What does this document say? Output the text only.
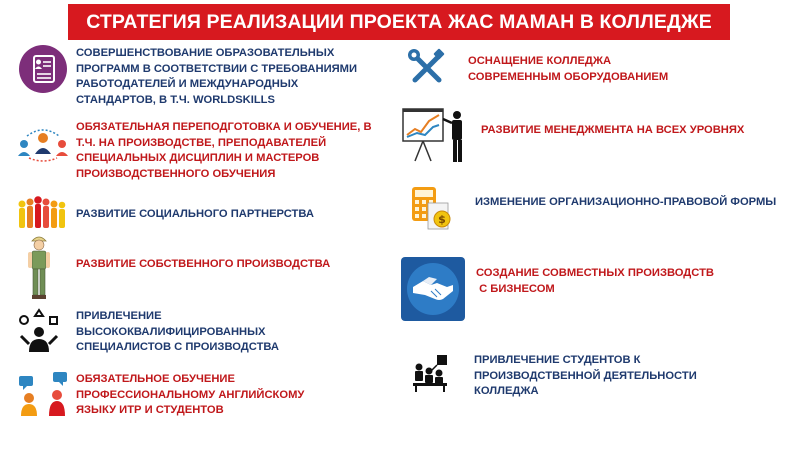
СТРАТЕГИЯ РЕАЛИЗАЦИИ ПРОЕКТА ЖАС МАМАН В КОЛЛЕДЖЕ
СОВЕРШЕНСТВОВАНИЕ ОБРАЗОВАТЕЛЬНЫХ
ПРОГРАММ В СООТВЕТСТВИИ С ТРЕБОВАНИЯМИ
РАБОТОДАТЕЛЕЙ И МЕЖДУНАРОДНЫХ
СТАНДАРТОВ, В Т.Ч. WORLDSKILLS
ОБЯЗАТЕЛЬНАЯ ПЕРЕПОДГОТОВКА И ОБУЧЕНИЕ, В
Т.Ч. НА ПРОИЗВОДСТВЕ, ПРЕПОДАВАТЕЛЕЙ
СПЕЦИАЛЬНЫХ ДИСЦИПЛИН И МАСТЕРОВ
ПРОИЗВОДСТВЕННОГО ОБУЧЕНИЯ
РАЗВИТИЕ СОЦИАЛЬНОГО ПАРТНЕРСТВА
РАЗВИТИЕ СОБСТВЕННОГО ПРОИЗВОДСТВА
ПРИВЛЕЧЕНИЕ
ВЫСОКОКВАЛИФИЦИРОВАННЫХ
СПЕЦИАЛИСТОВ С ПРОИЗВОДСТВА
ОБЯЗАТЕЛЬНОЕ ОБУЧЕНИЕ
ПРОФЕССИОНАЛЬНОМУ АНГЛИЙСКОМУ
ЯЗЫКУ ИТР И СТУДЕНТОВ
ОСНАЩЕНИЕ КОЛЛЕДЖА
СОВРЕМЕННЫМ ОБОРУДОВАНИЕМ
РАЗВИТИЕ МЕНЕДЖМЕНТА НА ВСЕХ УРОВНЯХ
$
ИЗМЕНЕНИЕ ОРГАНИЗАЦИОННО-ПРАВОВОЙ ФОРМЫ
СОЗДАНИЕ СОВМЕСТНЫХ ПРОИЗВОДСТВ
С БИЗНЕСОМ
ПРИВЛЕЧЕНИЕ СТУДЕНТОВ К
ПРОИЗВОДСТВЕННОЙ ДЕЯТЕЛЬНОСТИ
КОЛЛЕДЖА
